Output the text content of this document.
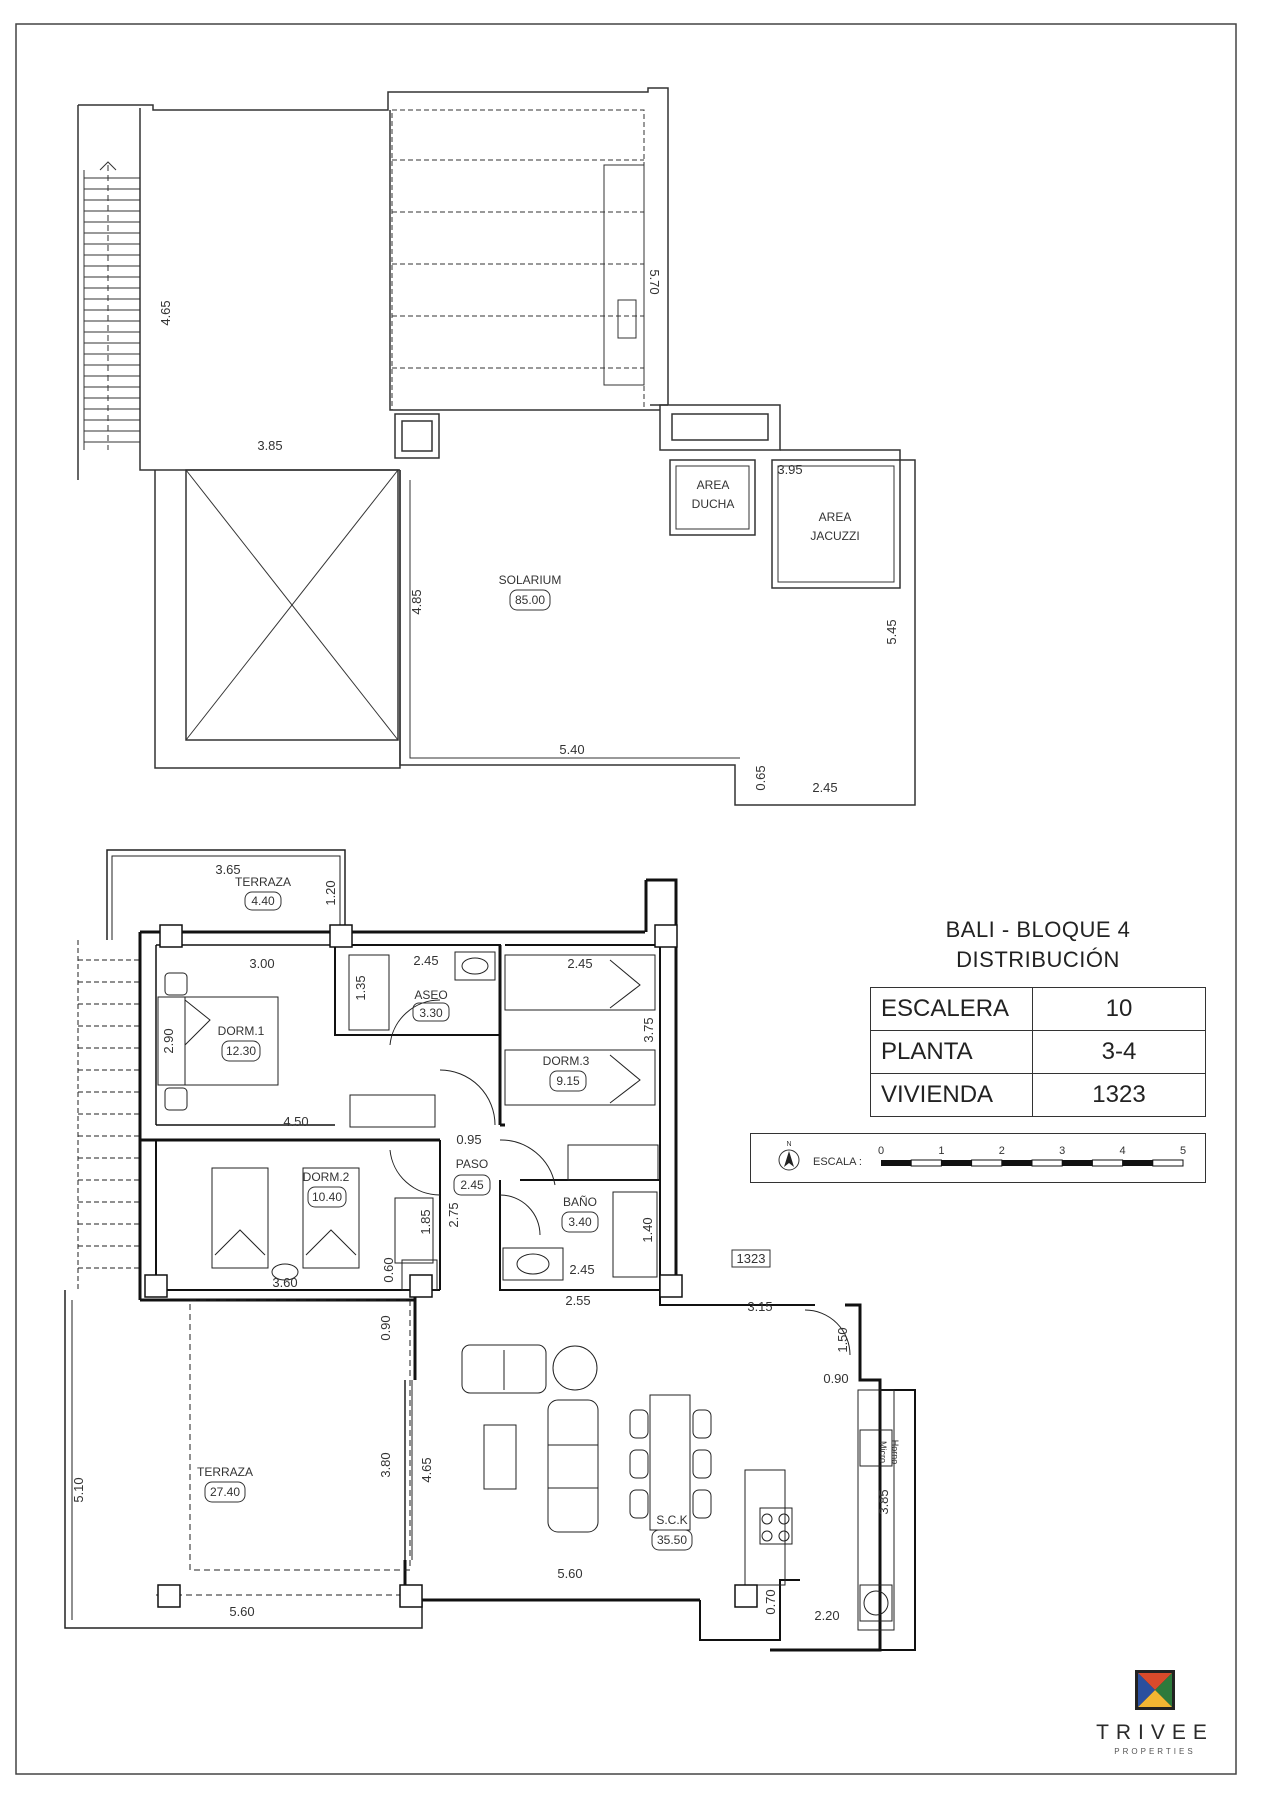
SOLARIUM
85.00
AREA
DUCHA
AREA
JACUZZI
4.65
5.70
3.85
3.95
4.85
5.45
5.40
0.65	2.45
TERRAZA
4.40
DORM.1
12.30
ASEO
3.30
DORM.3
9.15
DORM.2
10.40
PASO
2.45
BAÑO
3.40
TERRAZA
27.40
S.C.K
35.50
Horno
Micro
1323
3.65
1.20
3.00	2.45
1.35
2.45
3.75
2.90
4.50
0.95
2.75
1.85	1.40
2.45
0.60
3.60
2.55	3.15
1.50
0.90
0.90
3.80 4.65
5.10	3.85
5.60
5.60	0.70
2.20
BALI - BLOQUE 4
DISTRIBUCIÓN
ESCALERA	10
PLANTA	3-4
VIVIENDA	1323
N
ESCALA :
0	1	2	3	4	5
TRIVEE
PROPERTIES
